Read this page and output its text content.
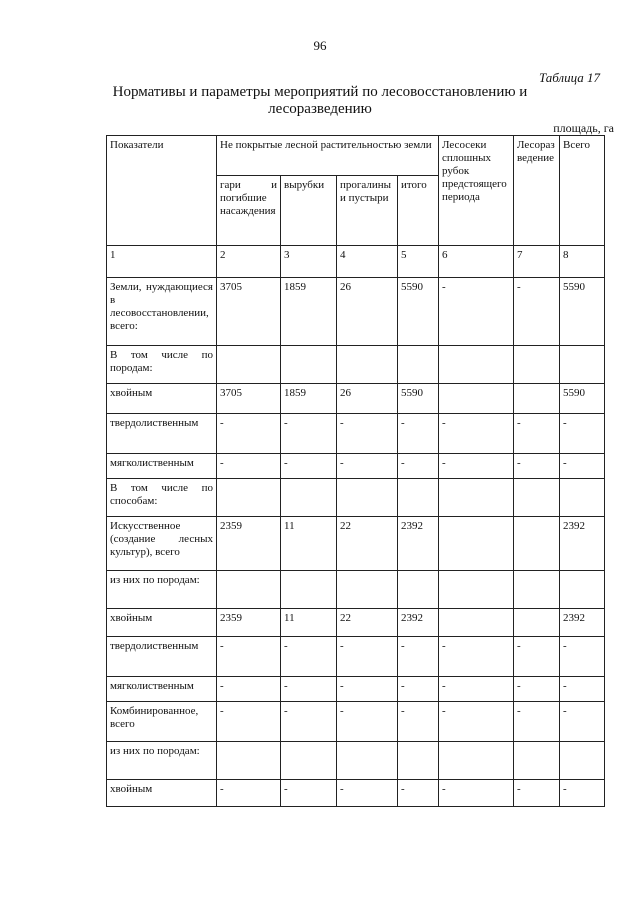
96
Таблица 17
Нормативы и параметры мероприятий по лесовосстановлению и
лесоразведению
площадь, га
Показатели	Не покрытые лесной растительностью земли				Лесосеки сплошных рубок предстоящего периода	Лесоразведение	Всего
	гари и погибшие насаждения	вырубки	прогалины и пустыри	итого			
1	2	3	4	5	6	7	8
Земли, нуждающиеся в лесовосстановлении, всего:	3705	1859	26	5590	-	-	5590
В том числе по породам:							
хвойным	3705	1859	26	5590			5590
твердолиственным	-	-	-	-	-	-	-
мягколиственным	-	-	-	-	-	-	-
В том числе по способам:							
Искусственное (создание лесных культур), всего	2359	11	22	2392			2392
из них по породам:							
хвойным	2359	11	22	2392			2392
твердолиственным	-	-	-	-	-	-	-
мягколиственным	-	-	-	-	-	-	-
Комбинированное, всего	-	-	-	-	-	-	-
из них по породам:							
хвойным	-	-	-	-	-	-	-
